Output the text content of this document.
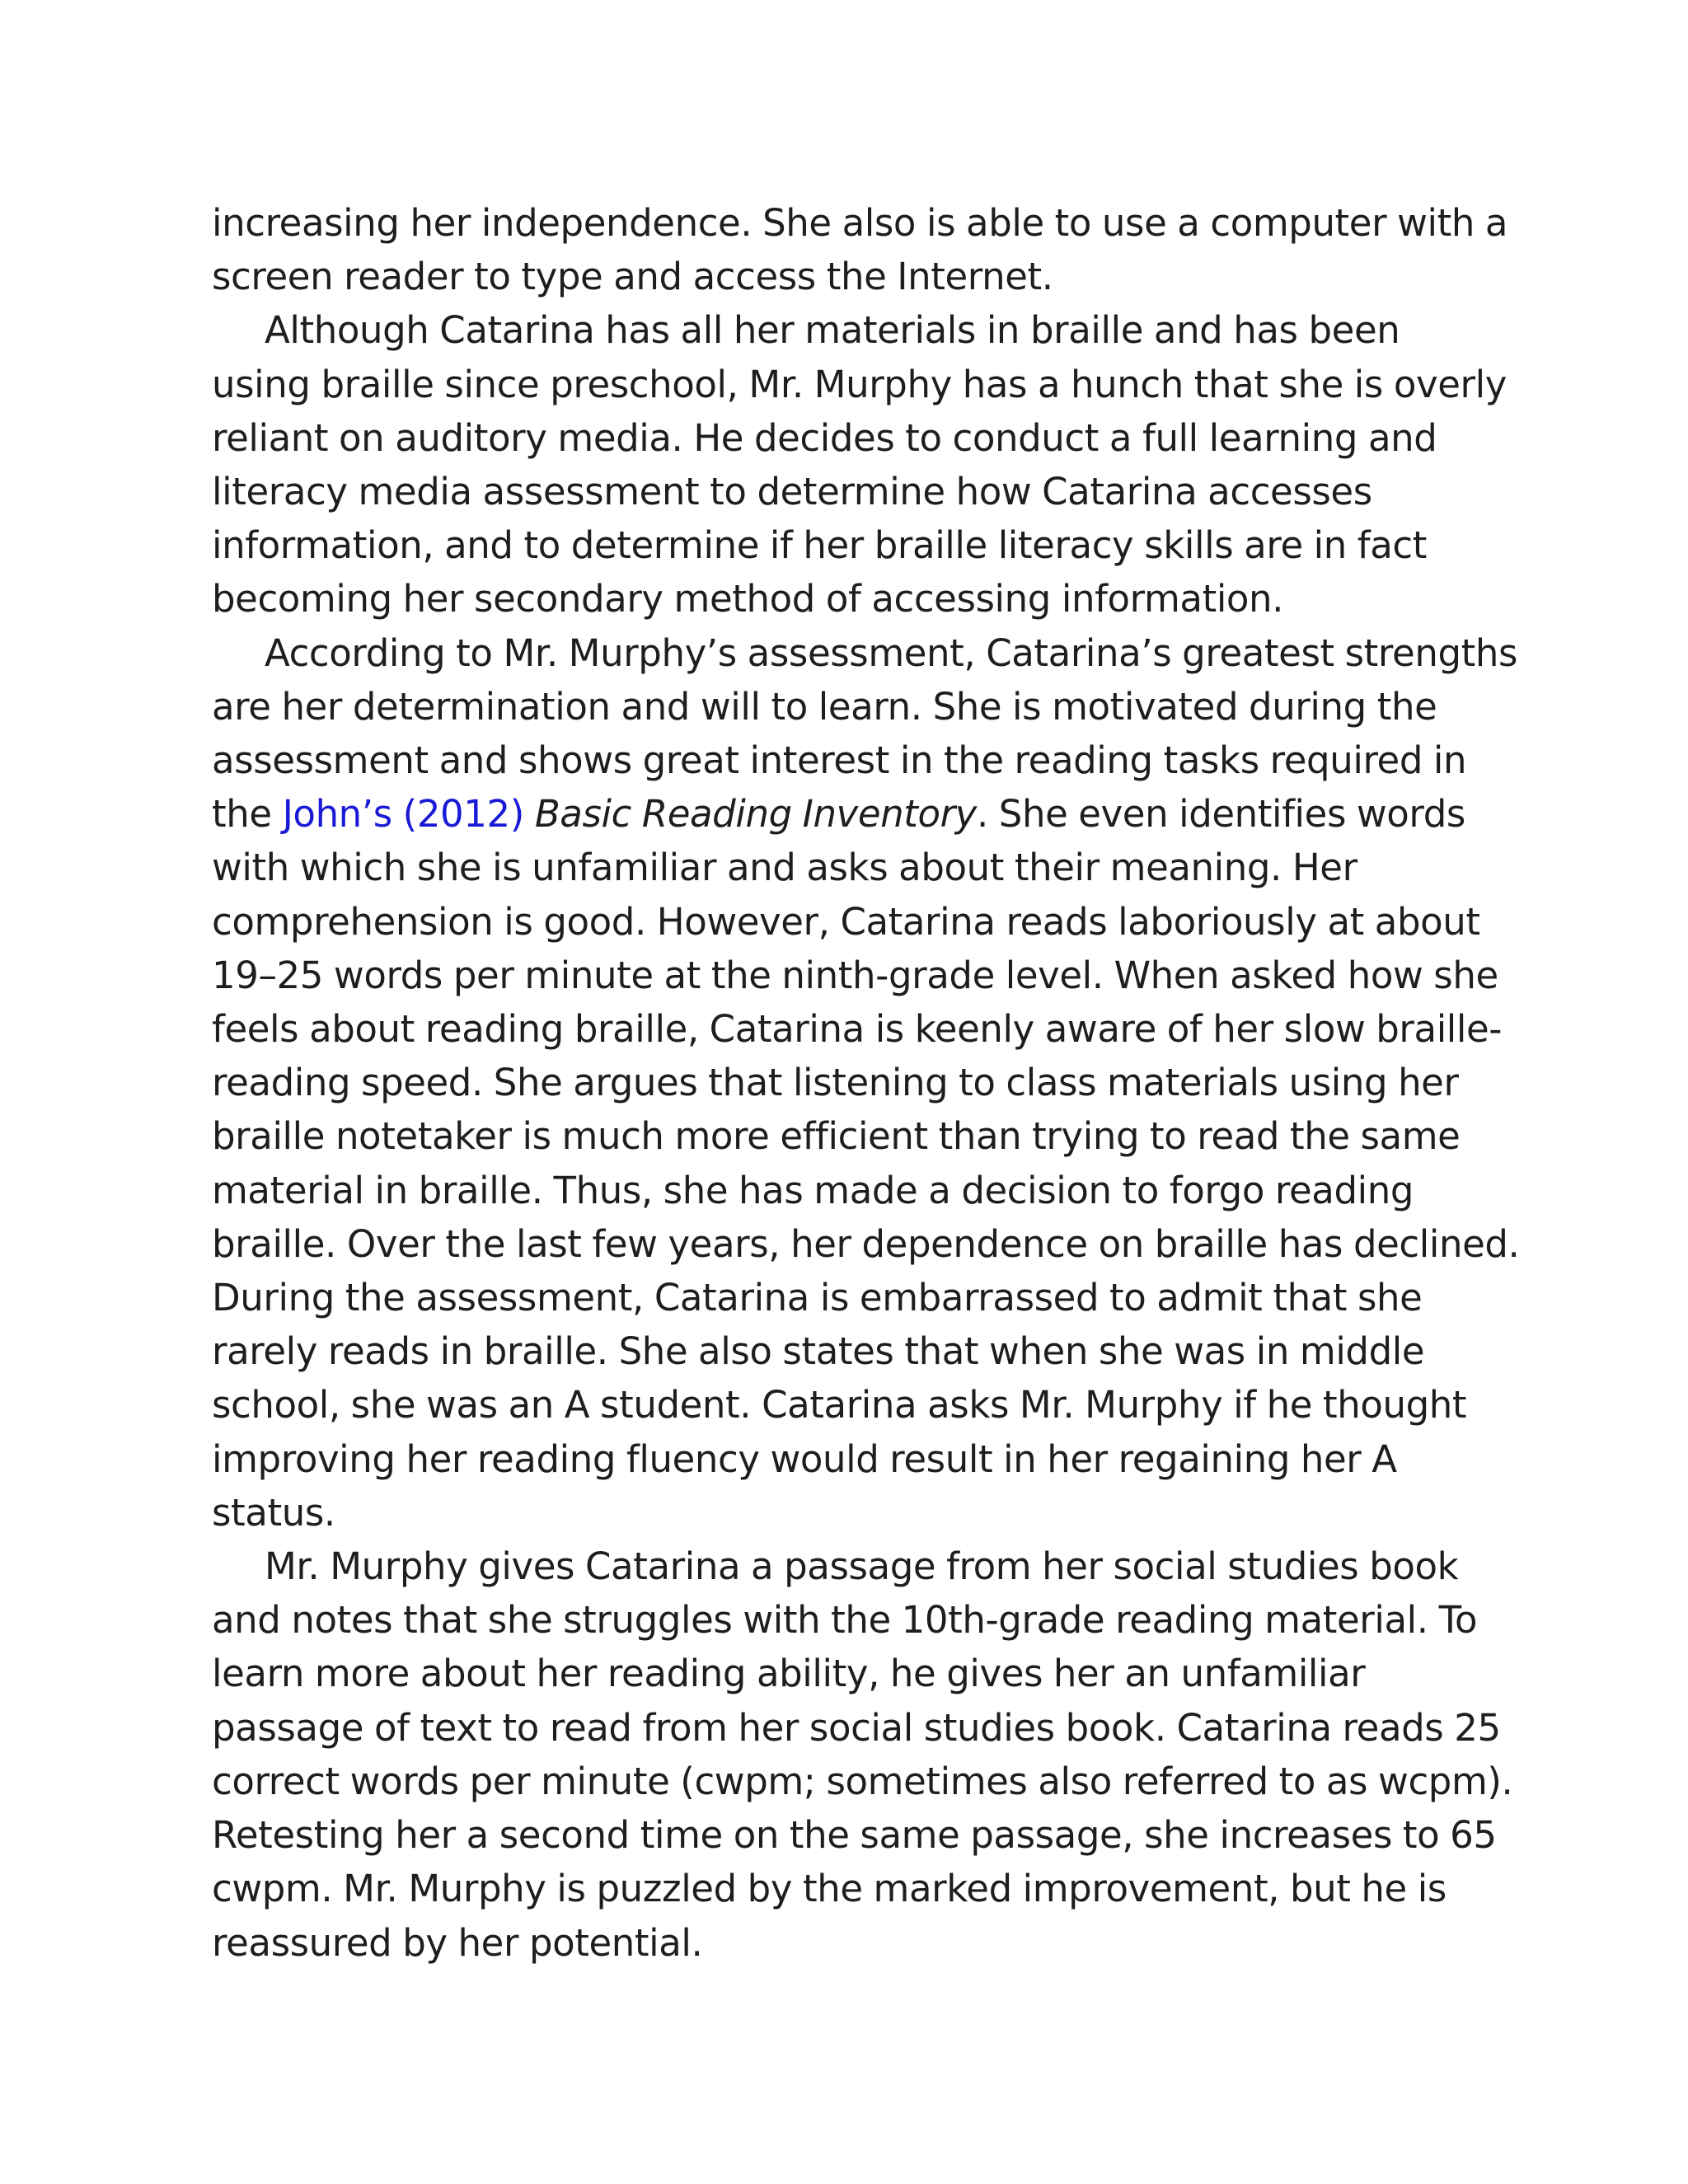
increasing her independence. She also is able to use a computer with a
screen reader to type and access the Internet.

Although Catarina has all her materials in braille and has been
using braille since preschool, Mr. Murphy has a hunch that she is overly
reliant on auditory media. He decides to conduct a full learning and
literacy media assessment to determine how Catarina accesses
information, and to determine if her braille literacy skills are in fact
becoming her secondary method of accessing information.

According to Mr. Murphy’s assessment, Catarina’s greatest strengths
are her determination and will to learn. She is motivated during the
assessment and shows great interest in the reading tasks required in
the John’s (2012) Basic Reading Inventory. She even identifies words
with which she is unfamiliar and asks about their meaning. Her
comprehension is good. However, Catarina reads laboriously at about
19–25 words per minute at the ninth-grade level. When asked how she
feels about reading braille, Catarina is keenly aware of her slow braille-
reading speed. She argues that listening to class materials using her
braille notetaker is much more efficient than trying to read the same
material in braille. Thus, she has made a decision to forgo reading
braille. Over the last few years, her dependence on braille has declined.
During the assessment, Catarina is embarrassed to admit that she
rarely reads in braille. She also states that when she was in middle
school, she was an A student. Catarina asks Mr. Murphy if he thought
improving her reading fluency would result in her regaining her A
status.

Mr. Murphy gives Catarina a passage from her social studies book
and notes that she struggles with the 10th-grade reading material. To
learn more about her reading ability, he gives her an unfamiliar
passage of text to read from her social studies book. Catarina reads 25
correct words per minute (cwpm; sometimes also referred to as wcpm).
Retesting her a second time on the same passage, she increases to 65
cwpm. Mr. Murphy is puzzled by the marked improvement, but he is
reassured by her potential.
